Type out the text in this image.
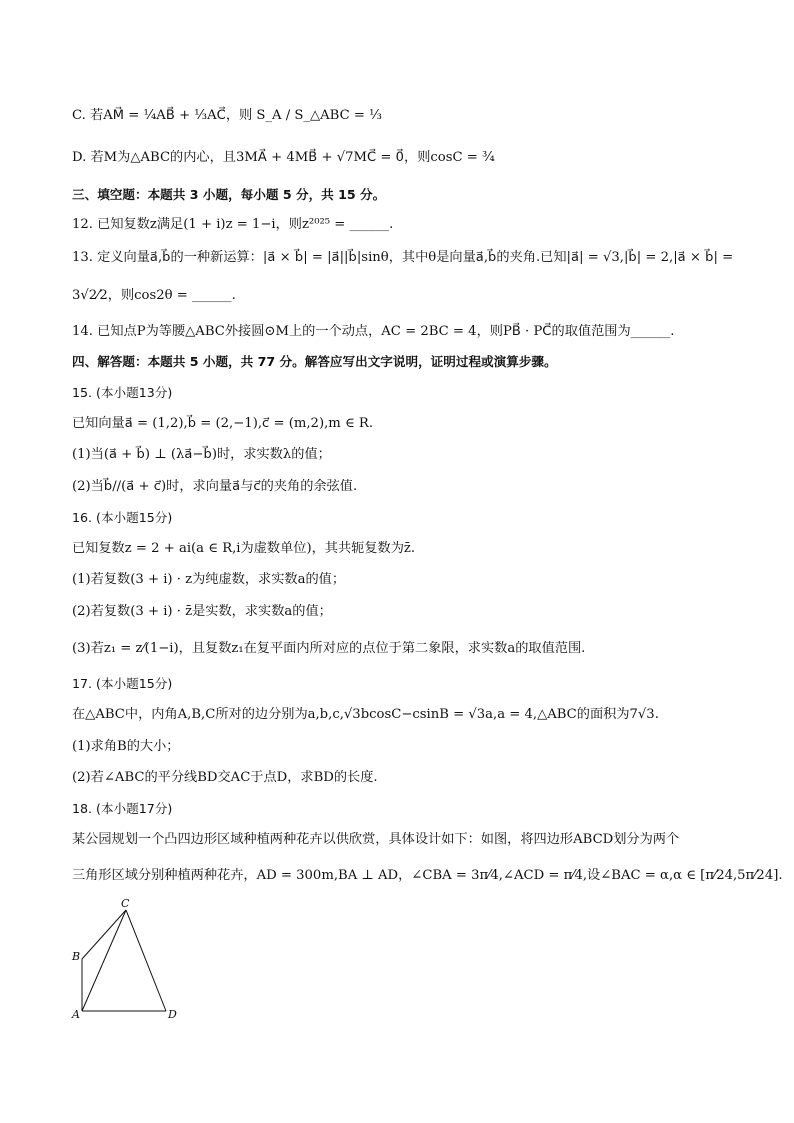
C. 若AM⃗ = ¹⁄₄AB⃗ + ¹⁄₃AC⃗，则 S_A / S_△ABC = ¹⁄₃
D. 若M为△ABC的内心，且3MA⃗ + 4MB⃗ + √7MC⃗ = 0⃗，则cosC = ³⁄₄
三、填空题：本题共 3 小题，每小题 5 分，共 15 分。
12. 已知复数z满足(1 + i)z = 1−i，则z²⁰²⁵ = ______.
13. 定义向量a⃗,b⃗的一种新运算：|a⃗ × b⃗| = |a⃗||b⃗|sinθ，其中θ是向量a⃗,b⃗的夹角.已知|a⃗| = √3,|b⃗| = 2,|a⃗ × b⃗| =
3√2⁄2，则cos2θ = ______.
14. 已知点P为等腰△ABC外接圆⊙M上的一个动点，AC = 2BC = 4，则PB⃗ · PC⃗的取值范围为______.
四、解答题：本题共 5 小题，共 77 分。解答应写出文字说明，证明过程或演算步骤。
15. (本小题13分)
已知向量a⃗ = (1,2),b⃗ = (2,−1),c⃗ = (m,2),m ∈ R.
(1)当(a⃗ + b⃗) ⊥ (λa⃗−b⃗)时，求实数λ的值；
(2)当b⃗//(a⃗ + c⃗)时，求向量a⃗与c⃗的夹角的余弦值.
16. (本小题15分)
已知复数z = 2 + ai(a ∈ R,i为虚数单位)，其共轭复数为z̄.
(1)若复数(3 + i) · z为纯虚数，求实数a的值；
(2)若复数(3 + i) · z̄是实数，求实数a的值；
(3)若z₁ = z⁄(1−i)，且复数z₁在复平面内所对应的点位于第二象限，求实数a的取值范围.
17. (本小题15分)
在△ABC中，内角A,B,C所对的边分别为a,b,c,√3bcosC−csinB = √3a,a = 4,△ABC的面积为7√3.
(1)求角B的大小；
(2)若∠ABC的平分线BD交AC于点D，求BD的长度.
18. (本小题17分)
某公园规划一个凸四边形区域种植两种花卉以供欣赏，具体设计如下：如图，将四边形ABCD划分为两个
三角形区域分别种植两种花卉，AD = 300m,BA ⊥ AD，∠CBA = 3π⁄4,∠ACD = π⁄4,设∠BAC = α,α ∈ [π⁄24,5π⁄24].
A
B
C
D
